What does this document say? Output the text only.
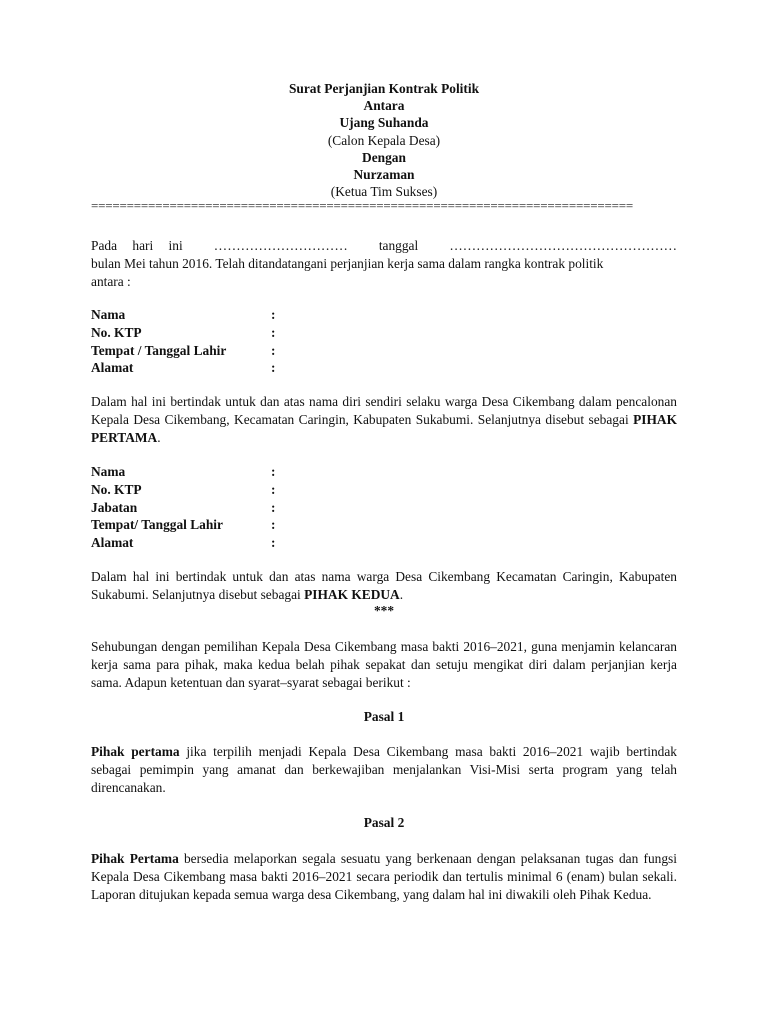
Surat Perjanjian Kontrak Politik
Antara
Ujang Suhanda
(Calon Kepala Desa)
Dengan
Nurzaman
(Ketua Tim Sukses)
============================================================================
Pada hari ini ………………………… tanggal ……………………………………………
bulan Mei tahun 2016. Telah ditandatangani perjanjian kerja sama dalam rangka kontrak politik
antara :
Nama	:
No. KTP	:
Tempat / Tanggal Lahir	:
Alamat	:
Dalam hal ini bertindak untuk dan atas nama diri sendiri selaku warga Desa Cikembang dalam pencalonan Kepala Desa Cikembang, Kecamatan Caringin, Kabupaten Sukabumi. Selanjutnya disebut sebagai PIHAK PERTAMA.
Nama	:
No. KTP	:
Jabatan	:
Tempat/ Tanggal Lahir	:
Alamat	:
Dalam hal ini bertindak untuk dan atas nama warga Desa Cikembang Kecamatan Caringin, Kabupaten Sukabumi. Selanjutnya disebut sebagai PIHAK KEDUA.
***
Sehubungan dengan pemilihan Kepala Desa Cikembang masa bakti 2016–2021, guna menjamin kelancaran kerja sama para pihak, maka kedua belah pihak sepakat dan setuju mengikat diri dalam perjanjian kerja sama. Adapun ketentuan dan syarat–syarat sebagai berikut :
Pasal 1
Pihak pertama jika terpilih menjadi Kepala Desa Cikembang masa bakti 2016–2021 wajib bertindak sebagai pemimpin yang amanat dan berkewajiban menjalankan Visi-Misi serta program yang telah direncanakan.
Pasal 2
Pihak Pertama bersedia melaporkan segala sesuatu yang berkenaan dengan pelaksanan tugas dan fungsi Kepala Desa Cikembang masa bakti 2016–2021 secara periodik dan tertulis minimal 6 (enam) bulan sekali. Laporan ditujukan kepada semua warga desa Cikembang, yang dalam hal ini diwakili oleh Pihak Kedua.
